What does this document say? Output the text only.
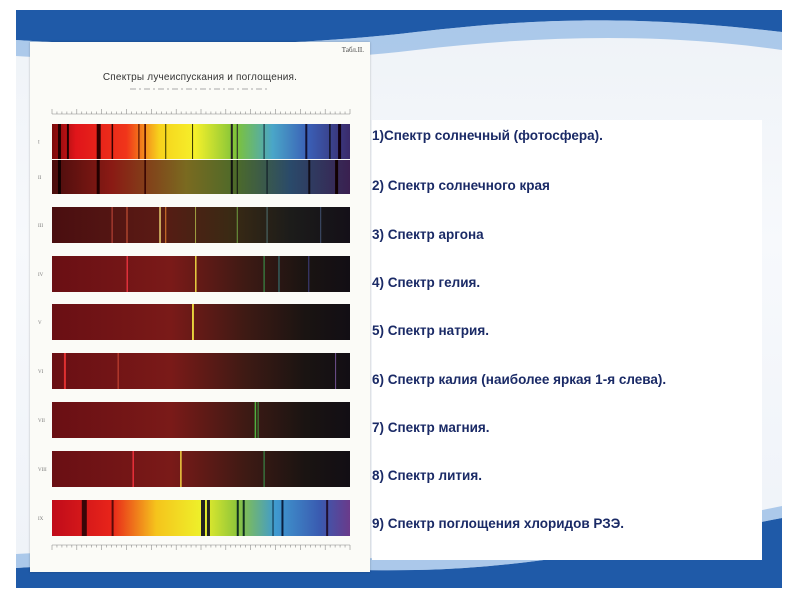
Табл.II.
Спектры лучеиспускания и поглощения.
I
II
III
IV
V
VI
VII
VIII
IX
1)Спектр солнечный (фотосфера).
2) Спектр солнечного края
3) Спектр аргона
4) Спектр гелия.
5) Спектр натрия.
6) Спектр калия (наиболее яркая 1-я слева).
7) Спектр магния.
8) Спектр лития.
9) Спектр поглощения хлоридов РЗЭ.
